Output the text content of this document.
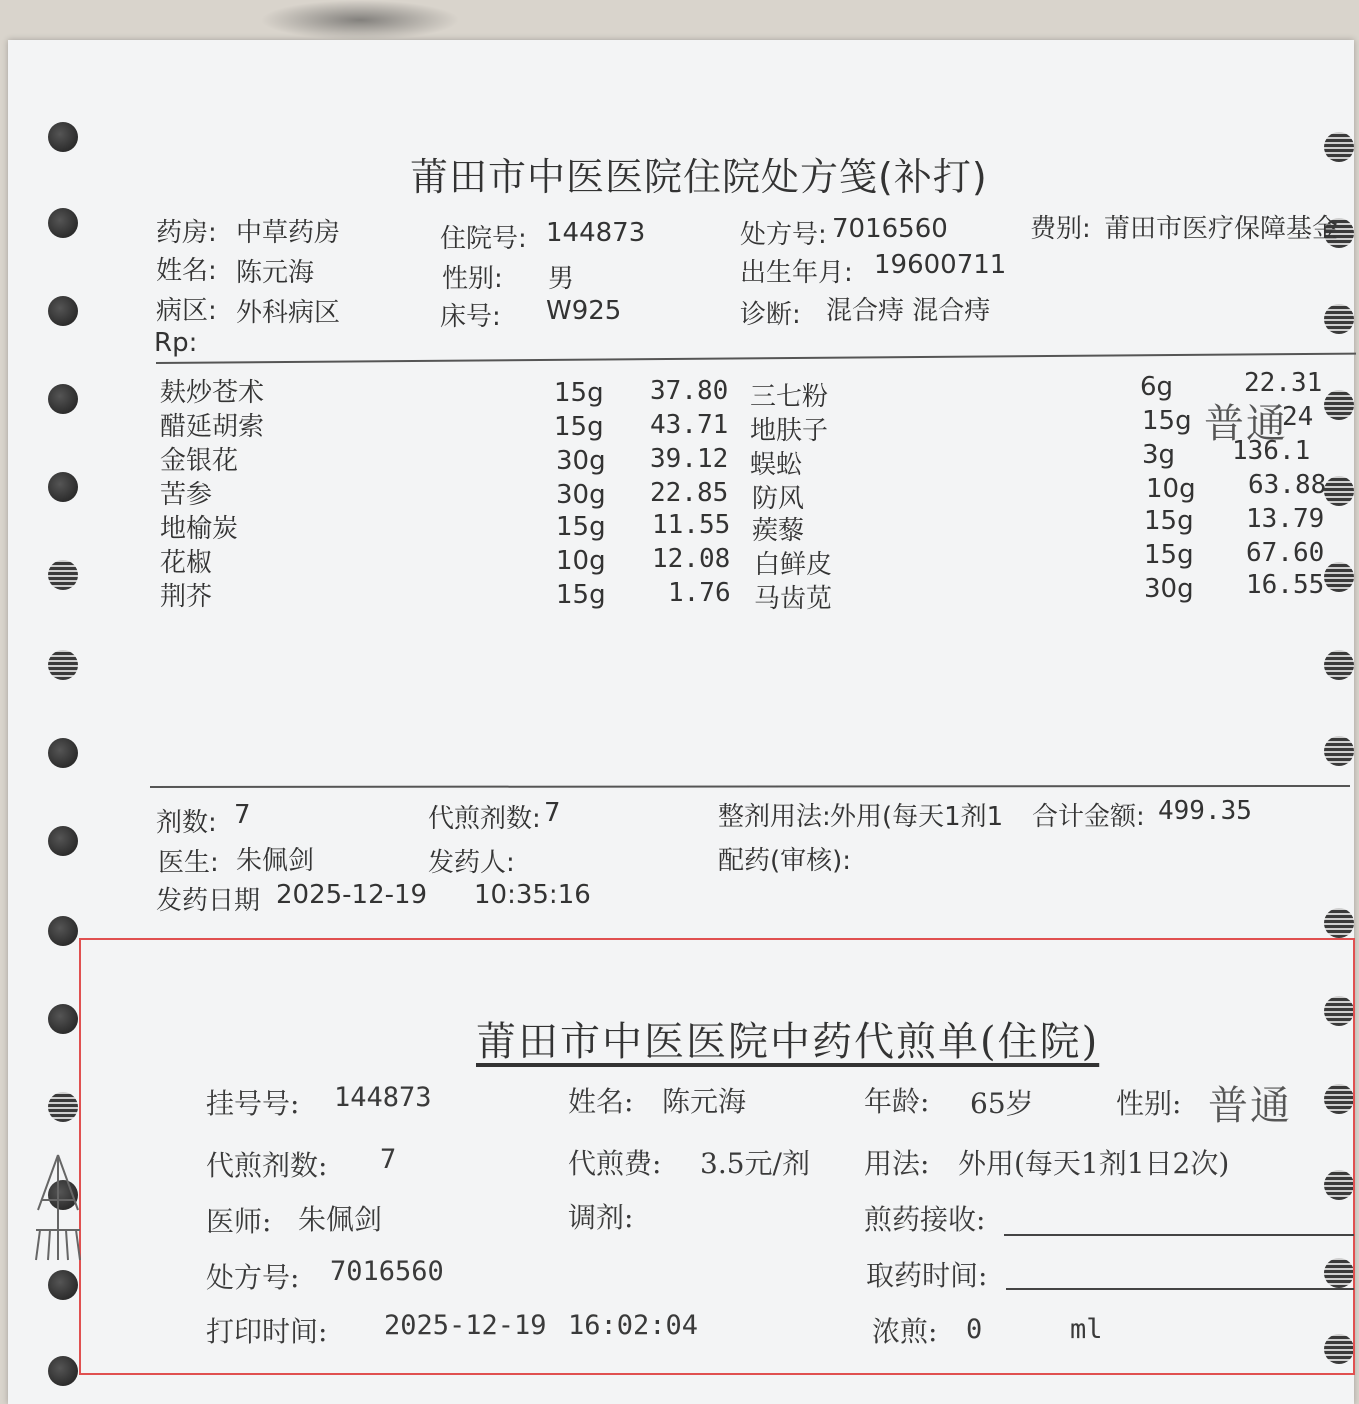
莆田市中医医院住院处方笺(补打)
药房: 中草药房	住院号: 144873	处方号: 7016560	费别: 莆田市医疗保障基金
姓名: 陈元海	性别: 男	出生年月: 19600711
病区: 外科病区	床号: W925	诊断: 混合痔 混合痔
Rp:
麸炒苍术	15g 37.80
醋延胡索	15g 43.71
金银花	30g 39.12
苦参	30g 22.85
地榆炭	15g 11.55
花椒	10g 12.08
荆芥	15g 1.76
三七粉	6g	22.31
地肤子	15g	24
蜈蚣	3g 136.1
防风	10g 63.88
蒺藜	15g 13.79
白鲜皮	15g 67.60
马齿苋	30g 16.55
普通
剂数: 7	代煎剂数: 7	整剂用法: 外用(每天1剂1 合计金额: 499.35
医生: 朱佩剑	发药人:	配药(审核):
发药日期 2025-12-19 10:35:16
莆田市中医医院中药代煎单(住院)
挂号号: 144873	姓名: 陈元海	年龄: 65岁	性别: 普通
代煎剂数: 7	代煎费: 3.5元/剂 用法: 外用(每天1剂1日2次)
医师: 朱佩剑	调剂:	煎药接收:
处方号: 7016560	取药时间:
打印时间: 2025-12-19 16:02:04	浓煎: 0	ml
